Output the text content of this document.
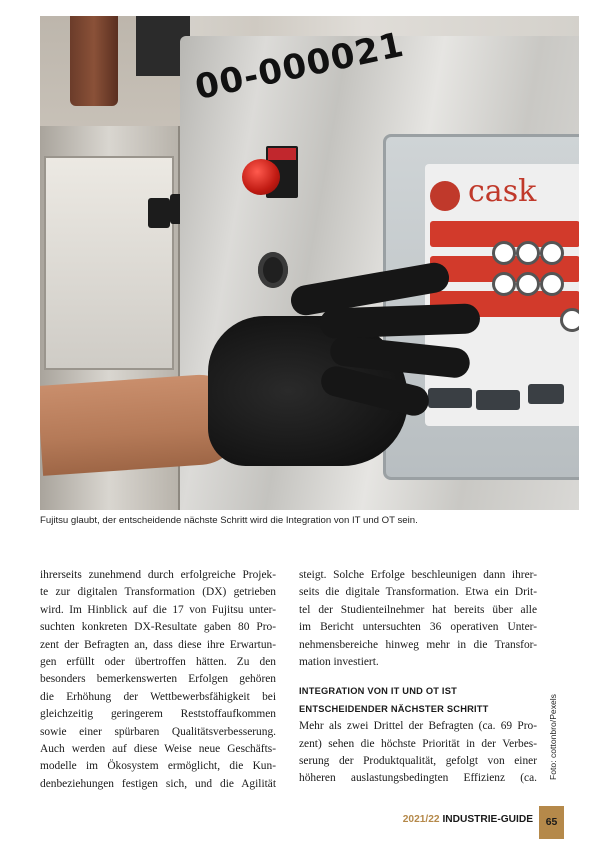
00-000021
cask
Fujitsu glaubt, der entscheidende nächste Schritt wird die Integration von IT und OT sein.
ihrerseits zunehmend durch erfolgreiche Projek-
te zur digitalen Transformation (DX) getrieben
wird. Im Hinblick auf die 17 von Fujitsu unter-
suchten konkreten DX-Resultate gaben 80 Pro-
zent der Befragten an, dass diese ihre Erwartun-
gen erfüllt oder übertroffen hätten. Zu den
besonders bemerkenswerten Erfolgen gehören
die Erhöhung der Wettbewerbsfähigkeit bei
gleichzeitig geringerem Reststoffaufkommen
sowie einer spürbaren Qualitätsverbesserung.
Auch werden auf diese Weise neue Geschäfts-
modelle im Ökosystem ermöglicht, die Kun-
denbeziehungen festigen sich, und die Agilität
steigt. Solche Erfolge beschleunigen dann ihrer-
seits die digitale Transformation. Etwa ein Drit-
tel der Studienteilnehmer hat bereits über alle
im Bericht untersuchten 36 operativen Unter-
nehmensbereiche hinweg mehr in die Transfor-
mation investiert.
INTEGRATION VON IT UND OT IST
ENTSCHEIDENDER NÄCHSTER SCHRITT
Mehr als zwei Drittel der Befragten (ca. 69 Pro-
zent) sehen die höchste Priorität in der Verbes-
serung der Produktqualität, gefolgt von einer
höheren auslastungsbedingten Effizienz (ca. Foto: cottonbro/Pexels
2021/22 INDUSTRIE-GUIDE	65
